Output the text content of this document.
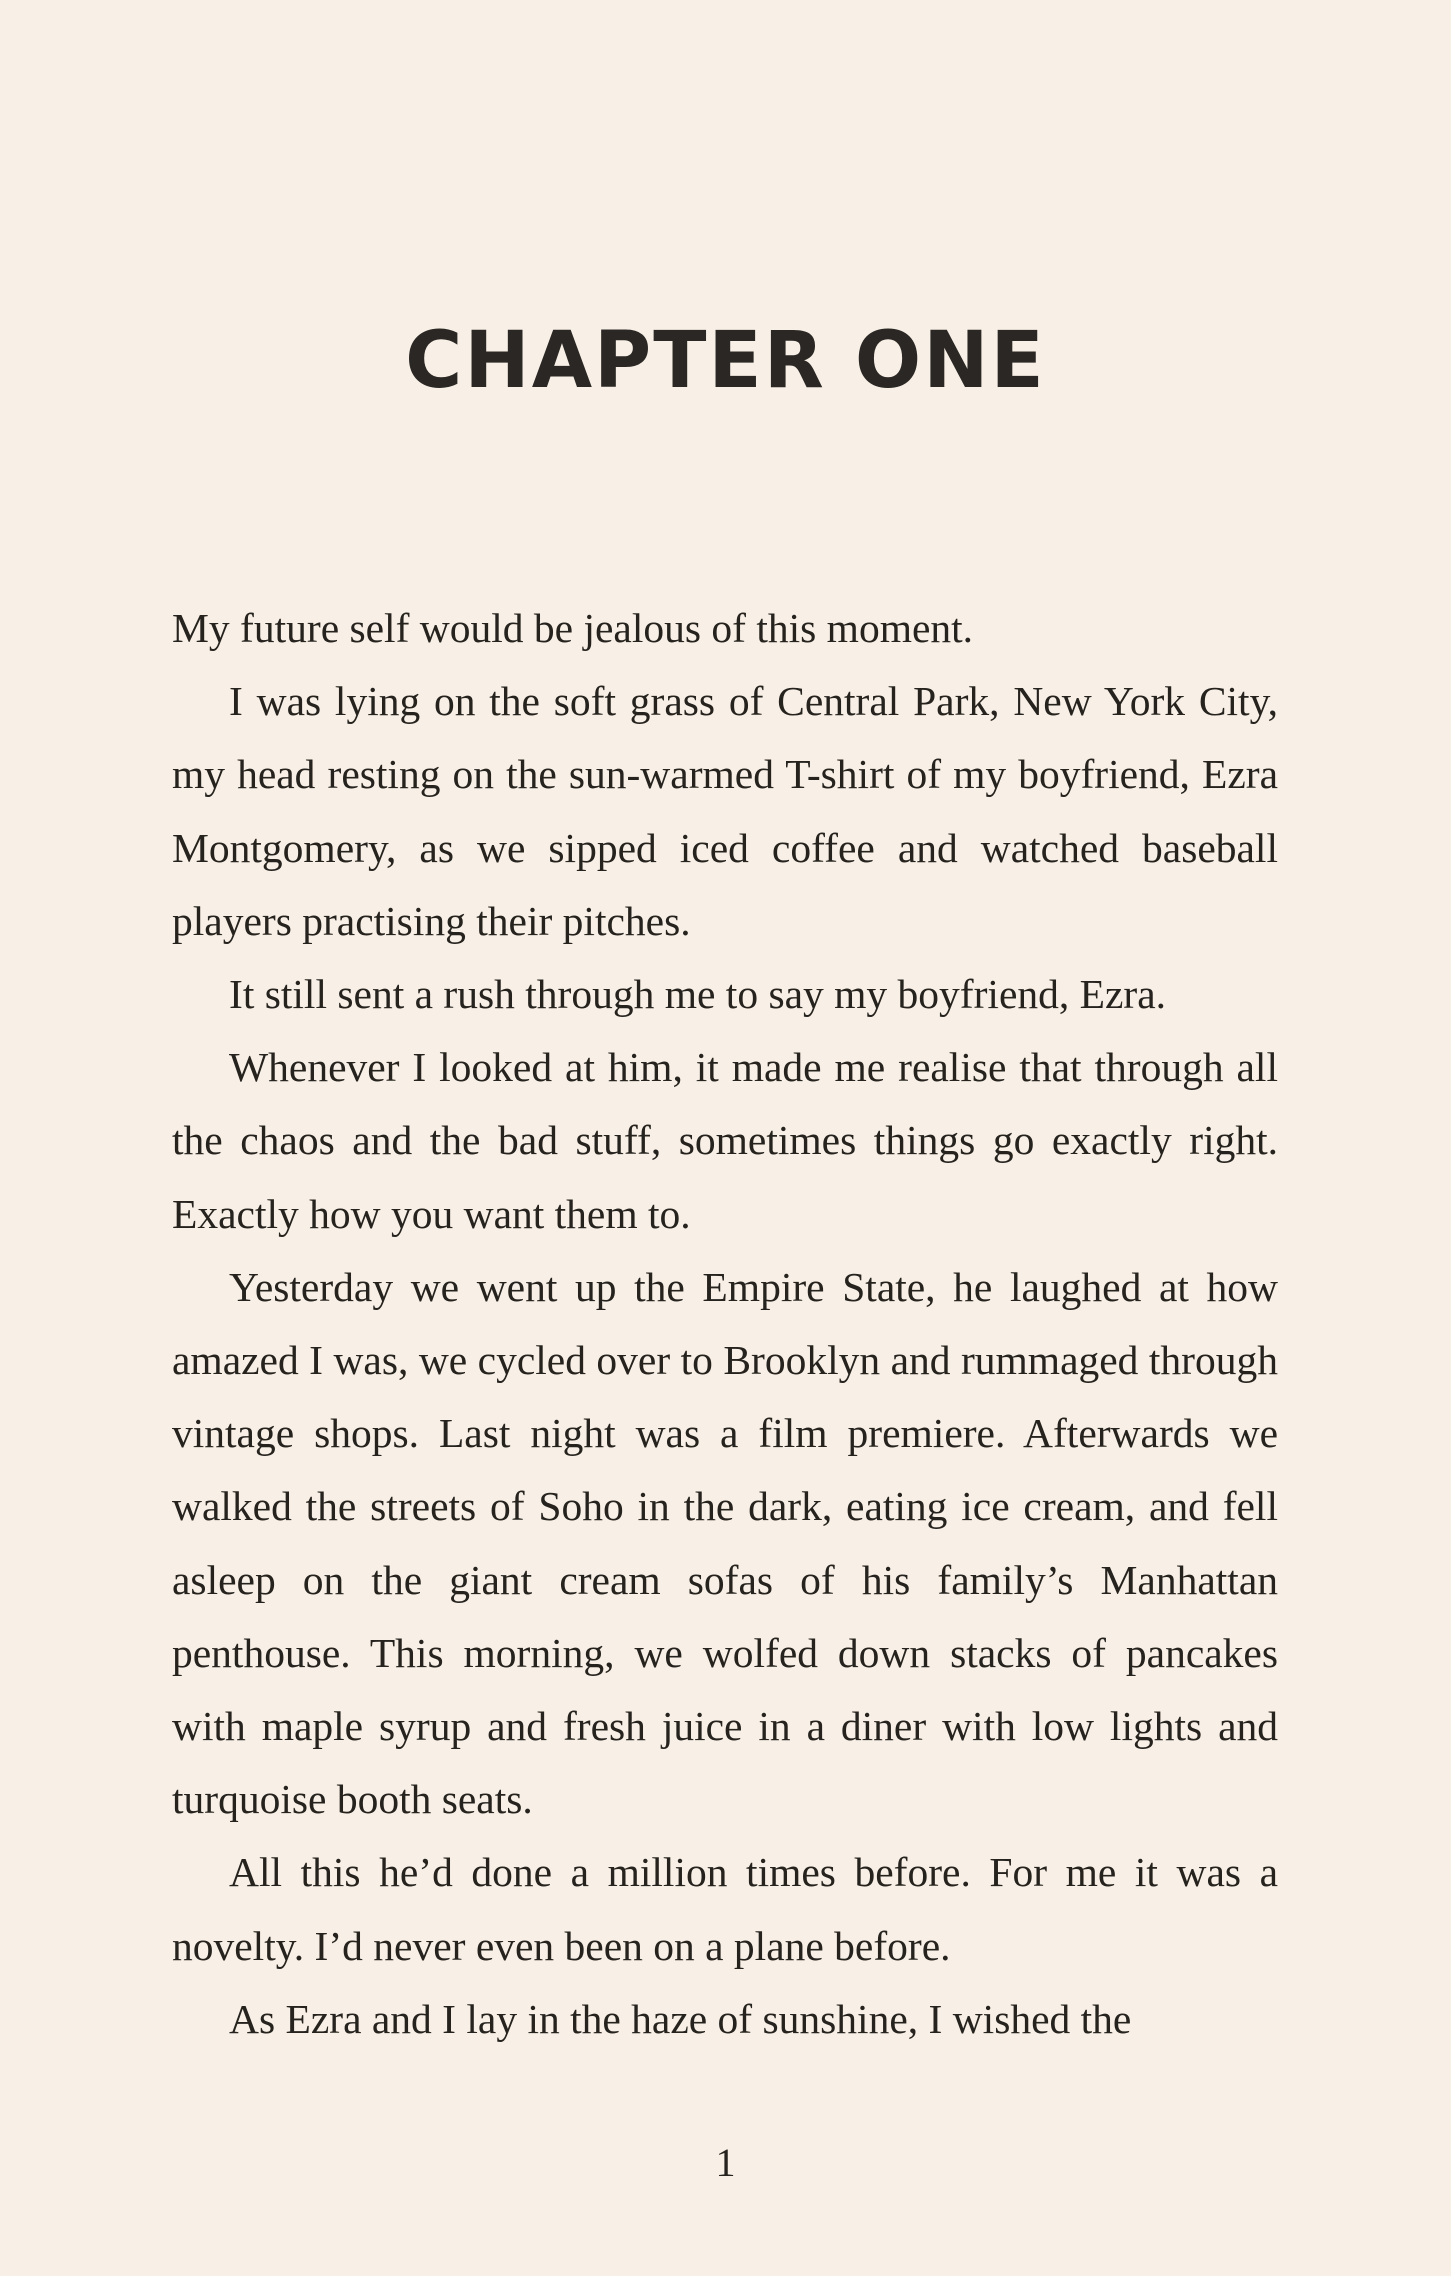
CHAPTER ONE

My future self would be jealous of this moment.

I was lying on the soft grass of Central Park, New York City, my head resting on the sun-warmed T-shirt of my boyfriend, Ezra Montgomery, as we sipped iced coffee and watched baseball players practising their pitches.

It still sent a rush through me to say my boyfriend, Ezra.

Whenever I looked at him, it made me realise that through all the chaos and the bad stuff, sometimes things go exactly right. Exactly how you want them to.

Yesterday we went up the Empire State, he laughed at how amazed I was, we cycled over to Brooklyn and rummaged through vintage shops. Last night was a film premiere. Afterwards we walked the streets of Soho in the dark, eating ice cream, and fell asleep on the giant cream sofas of his family’s Manhattan penthouse. This morning, we wolfed down stacks of pancakes with maple syrup and fresh juice in a diner with low lights and turquoise booth seats.

All this he’d done a million times before. For me it was a novelty. I’d never even been on a plane before.

As Ezra and I lay in the haze of sunshine, I wished the

1
